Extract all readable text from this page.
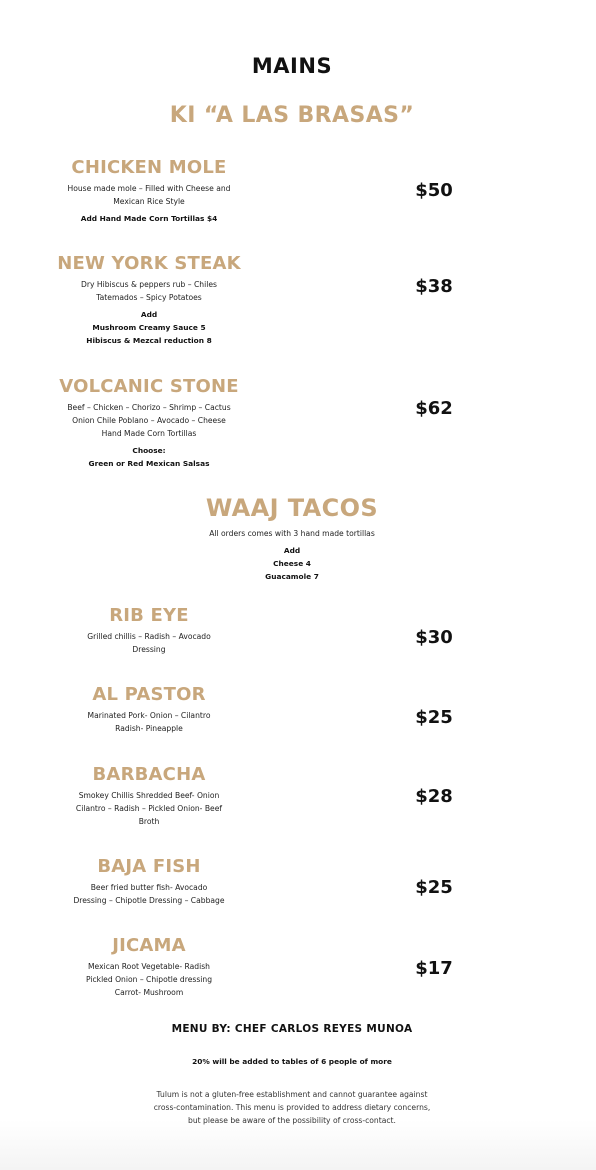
MAINS
KI “A LAS BRASAS”
CHICKEN MOLE
House made mole – Filled with Cheese and
Mexican Rice Style
Add Hand Made Corn Tortillas $4
$50
NEW YORK STEAK
Dry Hibiscus & peppers rub – Chiles
Tatemados – Spicy Potatoes
Add
Mushroom Creamy Sauce 5
Hibiscus & Mezcal reduction 8
$38
VOLCANIC STONE
Beef – Chicken – Chorizo – Shrimp – Cactus
Onion Chile Poblano – Avocado – Cheese
Hand Made Corn Tortillas
Choose:
Green or Red Mexican Salsas
$62
WAAJ TACOS
All orders comes with 3 hand made tortillas
Add
Cheese 4
Guacamole 7
RIB EYE
Grilled chillis – Radish – Avocado
Dressing
$30
AL PASTOR
Marinated Pork- Onion – Cilantro
Radish- Pineapple
$25
BARBACHA
Smokey Chillis Shredded Beef- Onion
Cilantro – Radish – Pickled Onion- Beef
Broth
$28
BAJA FISH
Beer fried butter fish- Avocado
Dressing – Chipotle Dressing – Cabbage
$25
JICAMA
Mexican Root Vegetable- Radish
Pickled Onion – Chipotle dressing
Carrot- Mushroom
$17
MENU BY: CHEF CARLOS REYES MUNOA
20% will be added to tables of 6 people of more
Tulum is not a gluten-free establishment and cannot guarantee against
cross-contamination. This menu is provided to address dietary concerns,
but please be aware of the possibility of cross-contact.
